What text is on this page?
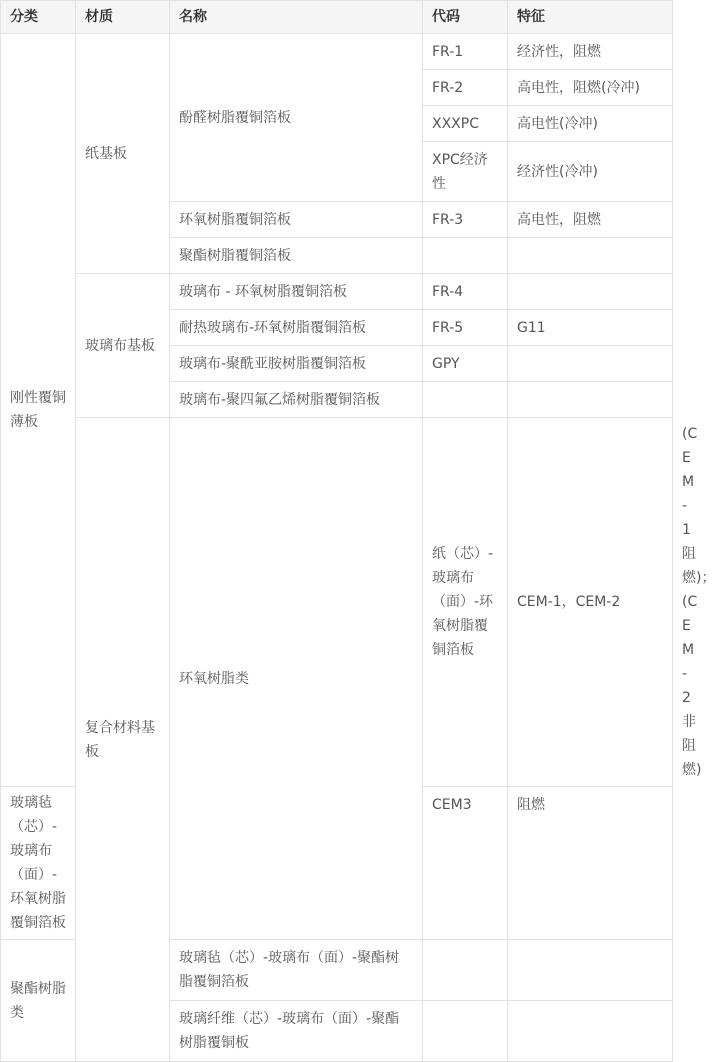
分类	材质	名称	代码	特征	
刚性覆铜薄板	纸基板	酚醛树脂覆铜箔板	FR-1	经济性，阻燃	
			FR-2	高电性，阻燃(冷冲)	
			XXXPC	高电性(冷冲)	
			XPC经济性	经济性(冷冲)	
		环氧树脂覆铜箔板	FR-3	高电性，阻燃	
		聚酯树脂覆铜箔板			
	玻璃布基板	玻璃布 - 环氧树脂覆铜箔板	FR-4		
		耐热玻璃布-环氧树脂覆铜箔板	FR-5	G11	
		玻璃布-聚酰亚胺树脂覆铜箔板	GPY		
		玻璃布-聚四氟乙烯树脂覆铜箔板			
	复合材料基板	环氧树脂类	纸（芯）-玻璃布（面）-环氧树脂覆铜箔板	CEM-1，CEM-2	(CEM-1阻燃)；(CEM-2非阻燃)
玻璃毡（芯）-玻璃布（面）-环氧树脂覆铜箔板			CEM3	阻燃	
聚酯树脂类		玻璃毡（芯）-玻璃布（面）-聚酯树脂覆铜箔板			
		玻璃纤维（芯）-玻璃布（面）-聚酯树脂覆铜板			
